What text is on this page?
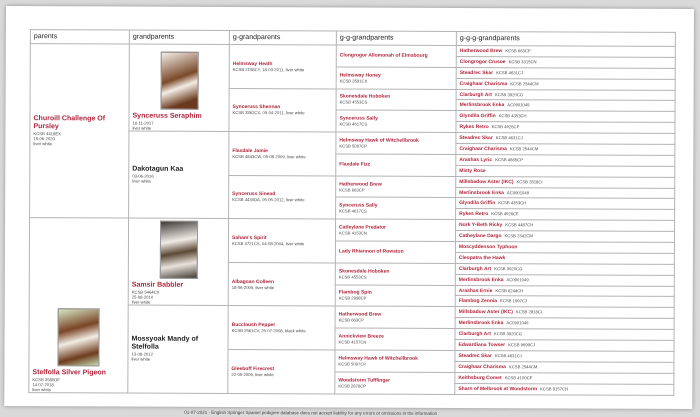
parents	grandparents	g-grandparents	g-g-grandparents	g-g-g-grandparents

Churoill Challenge Of Pursley
KCSB 4418EX
15-06-2020
liver white	Synceruss Seraphim
10-11-2017
liver white	Helmsway Heath
KCSB 2158CY, 18-03-2011, liver white	Clongrogor Allomonah of Elmsbourg	Hatherwood Brew KCSB 663CP
				Clongrogor Crusoe KCSB 3315CN

			Helmsway Honey
KCSB 3591CX	Steadrec Skar KCSB 4631CJ
				Craighaar Charisma KCSB 2544CM

		Synceruss Shennan
KCSB 3362CX, 05-04-2011, liver white	Skonesdale Hoboken
KCSB 4553CS	Clarburgh Art KCSB 3920CG
				Merlinsbrook Enka AC0901049

			Synceruss Sally
KCSB 4617CS	Glyndila Griffin KCSB 4353CH
				Rykes Retro KCSB 4926CF

	Dakotagun Kaa
03-06-2016
liver white	Flaxdale Jamie
KCSB 4843CW, 05-08-2009, liver white	Helmsway Hawk of Witchellbrook
KCSB 5097CP	Steadrec Skar KCSB 4631CJ
				Craighaar Charisma KCSB 2544CM

			Flaxdale Fizz	Arashas Lyric KCSB 4665CP
				Misty Rose

		Synceruss Sinead
KCSB 4430DA, 05-05-2012, liver white	Hatherwood Brew
KCSB 663CP	Millsbadow Aster (IKC) KCSB 2818CI
				Merlinsbrook Enka AC0901049

			Synceruss Sally
KCSB 4617CS	Glyndila Griffin KCSB 4353CH
				Rykes Retro KCSB 4926CF

Stelfolla Silver Pigeon
KCSB 3580DF
14-07-2018
liver white	Samsir Babbler
KCSB 5464CX
25-08-2010
liver white	Saham's Spirit
KCSB 3721CS, 04-08-2004, liver white	Catleylane Predator
KCSB 4153CN	Nork Y-Beth Ricky KCSB 4487CH
				Catheylane Dargo KCSB 2342CM

			Lady Rhiannon of Rowston	Moscyddenson Typhoon
				Cleopatra the Hawk

		Albagoan Colleen
18-06-2009, liver white	Skonesdale Hoboken
KCSB 4553CS	Clarburgh Art KCSB 3920CG
				Merlinsbrook Enka AC0901049

			Flambog Spin
KCSB 2998CP	Arashas Ernie KCSB 6244CH
				Flambog Zennia KCSB 1997CJ

	Mossyoak Mandy of Stelfolla
13-08-2012
liver white	Bucclaush Pepper
KCSB 2561CV, 25-07-2008, black white	Hatherwood Brew
KCSB 663CP	Millsbadow Aster (IKC) KCSB 2818CI
				Merlinsbrook Enka AC0901049

			Annickview Breeze
KCSB 4157CN	Clarburgh Art KCSB 3920CG
				Edwardiana Towser KCSB 9699CJ

		Gleeboff Firecrest
22-05-2009, liver white	Helmsway Hawk of Witchellbrook
KCSB 5097CP	Steadrec Skar KCSB 4631CJ
				Craighaar Charisma KCSB 2544CM

			Woodstorm Tufflinger
KCSB 2876CP	Keithsburg Comet KCSB 4100CF
				Sharn of Melbrook at Woodstorm KCSB 8157CH
01-07-2021 · English Springer Spaniel pedigree database does not accept liability for any errors or omissions in the information
